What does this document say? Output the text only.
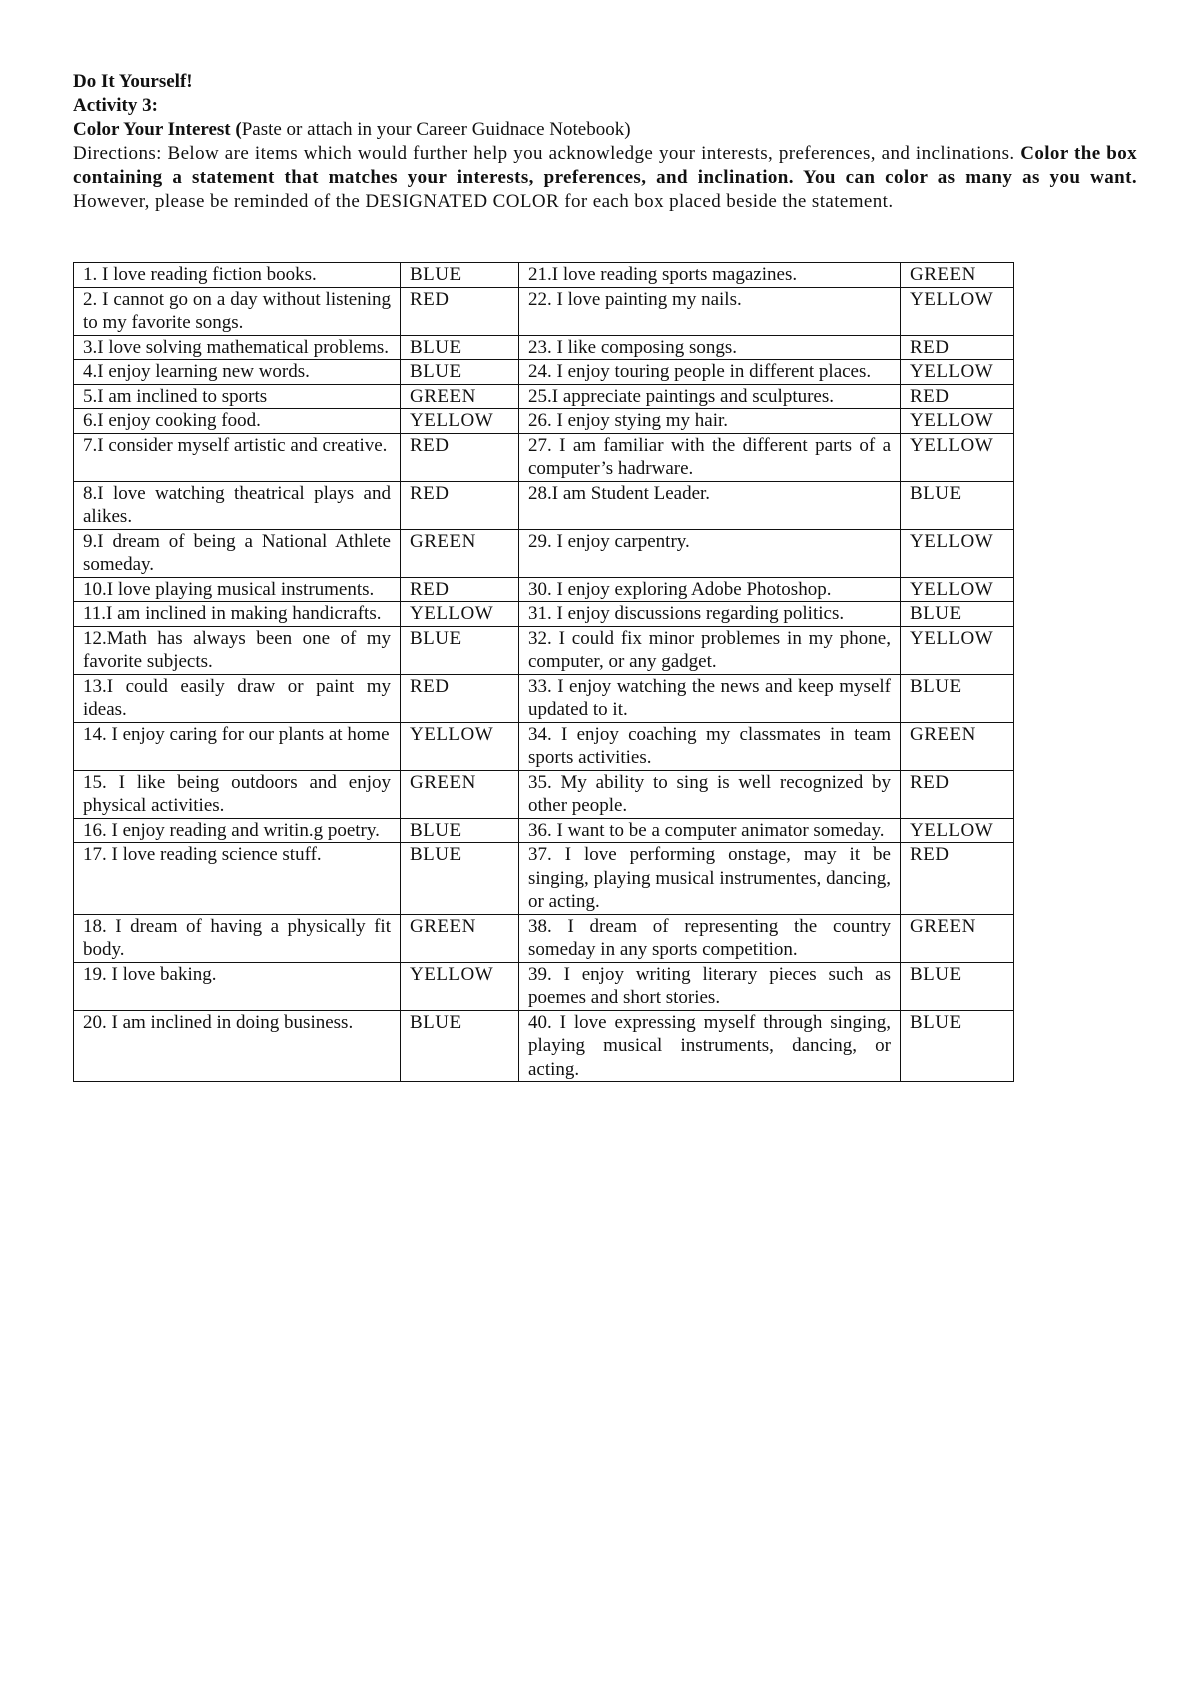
Do It Yourself!
Activity 3:
Color Your Interest (Paste or attach in your Career Guidnace Notebook)

Directions: Below are items which would further help you acknowledge your interests, preferences, and inclinations. Color the box containing a statement that matches your interests, preferences, and inclination. You can color as many as you want. However, please be reminded of the DESIGNATED COLOR for each box placed beside the statement.

1. I love reading fiction books.	BLUE	21.I love reading sports magazines.	GREEN
2. I cannot go on a day without listening to my favorite songs.	RED	22. I love painting my nails.	YELLOW
3.I love solving mathematical problems.	BLUE	23. I like composing songs.	RED
4.I enjoy learning new words.	BLUE	24. I enjoy touring people in different places.	YELLOW
5.I am inclined to sports	GREEN	25.I appreciate paintings and sculptures.	RED
6.I enjoy cooking food.	YELLOW	26. I enjoy stying my hair.	YELLOW
7.I consider myself artistic and creative.	RED	27. I am familiar with the different parts of a computer’s hadrware.	YELLOW
8.I love watching theatrical plays and alikes.	RED	28.I am Student Leader.	BLUE
9.I dream of being a National Athlete someday.	GREEN	29. I enjoy carpentry.	YELLOW
10.I love playing musical instruments.	RED	30. I enjoy exploring Adobe Photoshop.	YELLOW
11.I am inclined in making handicrafts.	YELLOW	31. I enjoy discussions regarding politics.	BLUE
12.Math has always been one of my favorite subjects.	BLUE	32. I could fix minor problemes in my phone, computer, or any gadget.	YELLOW
13.I could easily draw or paint my ideas.	RED	33. I enjoy watching the news and keep myself updated to it.	BLUE
14. I enjoy caring for our plants at home	YELLOW	34. I enjoy coaching my classmates in team sports activities.	GREEN
15. I like being outdoors and enjoy physical activities.	GREEN	35. My ability to sing is well recognized by other people.	RED
16. I enjoy reading and writin.g poetry.	BLUE	36. I want to be a computer animator someday.	YELLOW
17. I love reading science stuff.	BLUE	37. I love performing onstage, may it be singing, playing musical instrumentes, dancing, or acting.	RED
18. I dream of having a physically fit body.	GREEN	38. I dream of representing the country someday in any sports competition.	GREEN
19. I love baking.	YELLOW	39. I enjoy writing literary pieces such as poemes and short stories.	BLUE
20. I am inclined in doing business.	BLUE	40. I love expressing myself through singing, playing musical instruments, dancing, or acting.	BLUE
